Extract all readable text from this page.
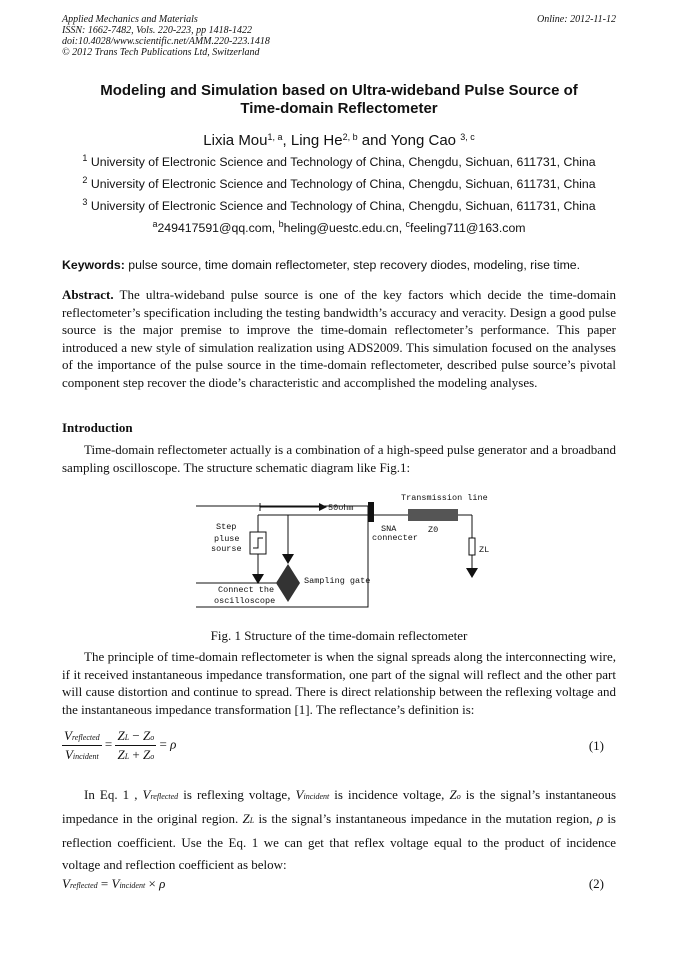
Applied Mechanics and Materials
ISSN: 1662-7482, Vols. 220-223, pp 1418-1422
doi:10.4028/www.scientific.net/AMM.220-223.1418
© 2012 Trans Tech Publications Ltd, Switzerland
Online: 2012-11-12
Modeling and Simulation based on Ultra-wideband Pulse Source of
Time-domain Reflectometer
Lixia Mou$^{1, a}$, Ling He$^{2, b}$ and Yong Cao $^{3, c}$
$^1$ University of Electronic Science and Technology of China, Chengdu, Sichuan, 611731, China
$^2$ University of Electronic Science and Technology of China, Chengdu, Sichuan, 611731, China
$^3$ University of Electronic Science and Technology of China, Chengdu, Sichuan, 611731, China
$^a$249417591@qq.com, $^b$heling@uestc.edu.cn, $^c$feeling711@163.com
Keywords: pulse source, time domain reflectometer, step recovery diodes, modeling, rise time.
Abstract. The ultra-wideband pulse source is one of the key factors which decide the time-domain reflectometer’s specification including the testing bandwidth’s accuracy and veracity. Design a good pulse source is the major premise to improve the time-domain reflectometer’s performance. This paper introduced a new style of simulation realization using ADS2009. This simulation focused on the analyses of the importance of the pulse source in the time-domain reflectometer, described pulse source’s pivotal component step recover the diode’s characteristic and accomplished the modeling analyses.
Introduction
Time-domain reflectometer actually is a combination of a high-speed pulse generator and a broadband sampling oscilloscope. The structure schematic diagram like Fig.1:
50ohm
Transmission line
Z0
ZL
SNA
connecter
Step
pluse
sourse
Sampling gate
Connect the
oscilloscope
Fig. 1 Structure of the time-domain reflectometer
The principle of time-domain reflectometer is when the signal spreads along the interconnecting wire, if it received instantaneous impedance transformation, one part of the signal will reflect and the other part will cause distortion and continue to spread. There is direct relationship between the reflexing voltage and the instantaneous impedance transformation [1]. The reflectance’s definition is:
$\frac{\text{Vreflected}}{\text{Vincident}} = \frac{ZL - Zo}{ZL + Zo} = \rho$	(1)
In Eq. 1 , Vreflected is reflexing voltage, Vincident is incidence voltage, Zo is the signal’s instantaneous impedance in the original region. ZL is the signal’s instantaneous impedance in the mutation region, ρ is reflection coefficient. Use the Eq. 1 we can get that reflex voltage equal to the product of incidence voltage and reflection coefficient as below:
Vreflected = Vincident × ρ	(2)
